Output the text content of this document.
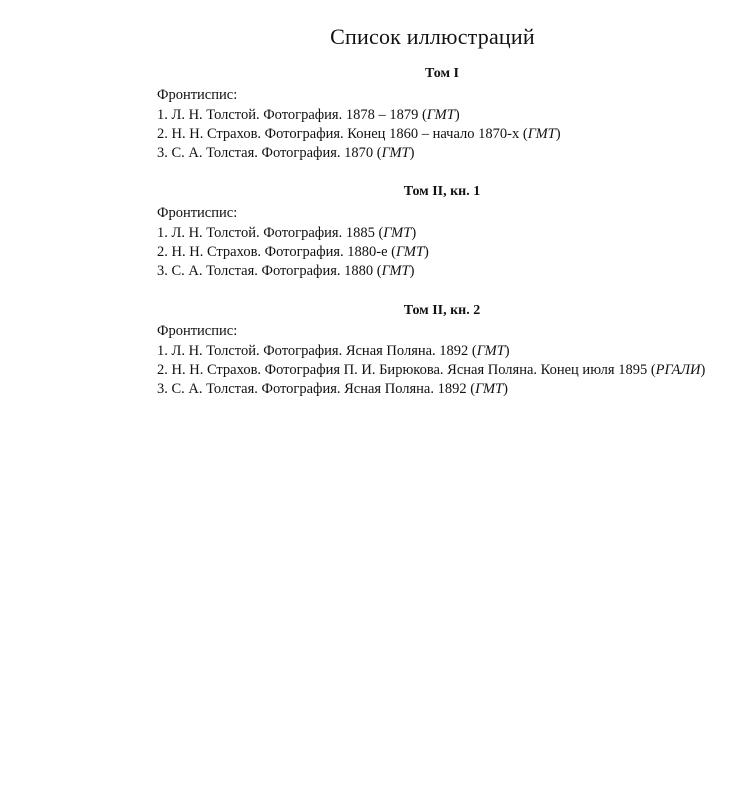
Список иллюстраций
Том I
Фронтиспис:
1. Л. Н. Толстой. Фотография. 1878 – 1879 (ГМТ)
2. Н. Н. Страхов. Фотография. Конец 1860 – начало 1870-х (ГМТ)
3. С. А. Толстая. Фотография. 1870 (ГМТ)
Том II, кн. 1
Фронтиспис:
1. Л. Н. Толстой. Фотография. 1885 (ГМТ)
2. Н. Н. Страхов. Фотография. 1880-е (ГМТ)
3. С. А. Толстая. Фотография. 1880 (ГМТ)
Том II, кн. 2
Фронтиспис:
1. Л. Н. Толстой. Фотография. Ясная Поляна. 1892 (ГМТ)
2. Н. Н. Страхов. Фотография П. И. Бирюкова. Ясная Поляна. Конец июля 1895 (РГАЛИ)
3. С. А. Толстая. Фотография. Ясная Поляна. 1892 (ГМТ)
